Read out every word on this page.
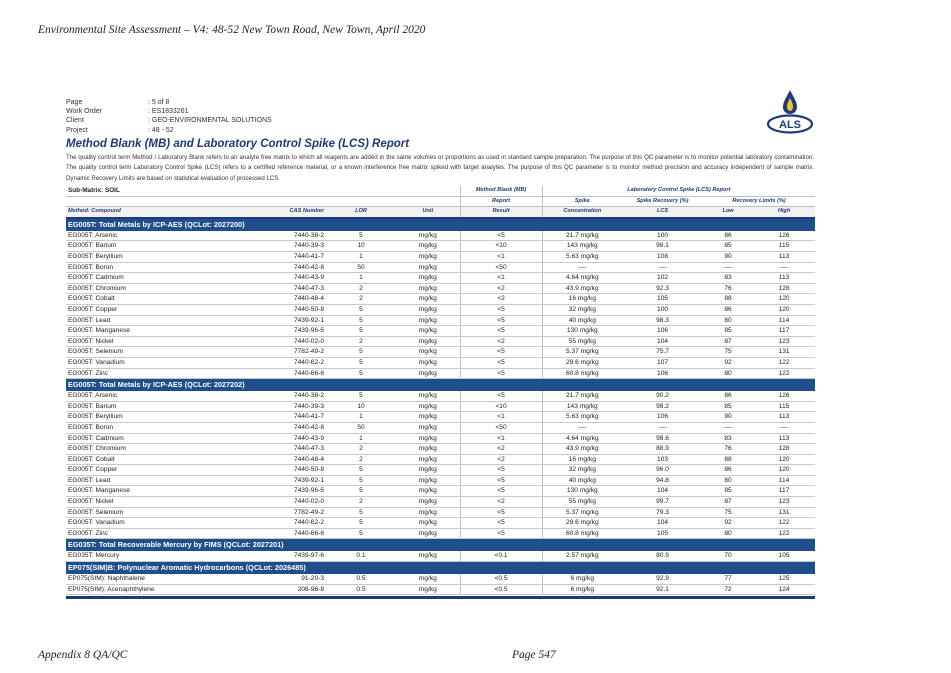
Environmental Site Assessment – V4: 48-52 New Town Road, New Town, April 2020
Page	: 5 of 8
Work Order	: ES1833261
Client	: GEO-ENVIRONMENTAL SOLUTIONS
Project	: 48 - 52	ALS
Method Blank (MB) and Laboratory Control Spike (LCS) Report
The quality control term Method / Laboratory Blank refers to an analyte free matrix to which all reagents are added in the same volumes or proportions as used in standard sample preparation. The purpose of this QC parameter is to monitor potential laboratory contamination. The quality control term Laboratory Control Spike (LCS) refers to a certified reference material, or a known interference free matrix spiked with target analytes. The purpose of this QC parameter is to monitor method precision and accuracy independent of sample matrix. Dynamic Recovery Limits are based on statistical evaluation of processed LCS.
Sub-Matrix: SOIL				Method Blank (MB)	Laboratory Control Spike (LCS) Report			
				Report	Spike	Spike Recovery (%)	Recovery Limits (%)	
Method: Compound	CAS Number	LOR	Unit	Result	Concentration	LCS	Low	High
EG005T: Total Metals by ICP-AES (QCLot: 2027200)								
EG005T: Arsenic	7440-38-2	5	mg/kg	<5	21.7 mg/kg	100	86	126
EG005T: Barium	7440-39-3	10	mg/kg	<10	143 mg/kg	98.1	85	115
EG005T: Beryllium	7440-41-7	1	mg/kg	<1	5.63 mg/kg	108	90	113
EG005T: Boron	7440-42-8	50	mg/kg	<50	----	----	----	----
EG005T: Cadmium	7440-43-9	1	mg/kg	<1	4.64 mg/kg	102	83	113
EG005T: Chromium	7440-47-3	2	mg/kg	<2	43.9 mg/kg	92.3	76	128
EG005T: Cobalt	7440-48-4	2	mg/kg	<2	16 mg/kg	105	88	120
EG005T: Copper	7440-50-8	5	mg/kg	<5	32 mg/kg	100	86	120
EG005T: Lead	7439-92-1	5	mg/kg	<5	40 mg/kg	98.3	80	114
EG005T: Manganese	7439-96-5	5	mg/kg	<5	130 mg/kg	106	85	117
EG005T: Nickel	7440-02-0	2	mg/kg	<2	55 mg/kg	104	87	123
EG005T: Selenium	7782-49-2	5	mg/kg	<5	5.37 mg/kg	75.7	75	131
EG005T: Vanadium	7440-62-2	5	mg/kg	<5	29.6 mg/kg	107	92	122
EG005T: Zinc	7440-66-6	5	mg/kg	<5	60.8 mg/kg	106	80	122
EG005T: Total Metals by ICP-AES (QCLot: 2027202)								
EG005T: Arsenic	7440-38-2	5	mg/kg	<5	21.7 mg/kg	90.2	86	126
EG005T: Barium	7440-39-3	10	mg/kg	<10	143 mg/kg	98.2	85	115
EG005T: Beryllium	7440-41-7	1	mg/kg	<1	5.63 mg/kg	106	90	113
EG005T: Boron	7440-42-8	50	mg/kg	<50	----	----	----	----
EG005T: Cadmium	7440-43-9	1	mg/kg	<1	4.64 mg/kg	98.6	83	113
EG005T: Chromium	7440-47-3	2	mg/kg	<2	43.9 mg/kg	88.9	76	128
EG005T: Cobalt	7440-48-4	2	mg/kg	<2	16 mg/kg	103	88	120
EG005T: Copper	7440-50-8	5	mg/kg	<5	32 mg/kg	96.0	86	120
EG005T: Lead	7439-92-1	5	mg/kg	<5	40 mg/kg	94.8	80	114
EG005T: Manganese	7439-96-5	5	mg/kg	<5	130 mg/kg	104	85	117
EG005T: Nickel	7440-02-0	2	mg/kg	<2	55 mg/kg	99.7	87	123
EG005T: Selenium	7782-49-2	5	mg/kg	<5	5.37 mg/kg	79.3	75	131
EG005T: Vanadium	7440-62-2	5	mg/kg	<5	29.6 mg/kg	104	92	122
EG005T: Zinc	7440-66-6	5	mg/kg	<5	60.8 mg/kg	105	80	122
EG035T: Total Recoverable Mercury by FIMS (QCLot: 2027201)								
EG035T: Mercury	7439-97-6	0.1	mg/kg	<0.1	2.57 mg/kg	80.9	70	105
EP075(SIM)B: Polynuclear Aromatic Hydrocarbons (QCLot: 2026485)								
EP075(SIM): Naphthalene	91-20-3	0.5	mg/kg	<0.5	6 mg/kg	92.9	77	125
EP075(SIM): Acenaphthylene	208-96-8	0.5	mg/kg	<0.5	6 mg/kg	92.1	72	124
Appendix 8 QA/QC	Page 547
